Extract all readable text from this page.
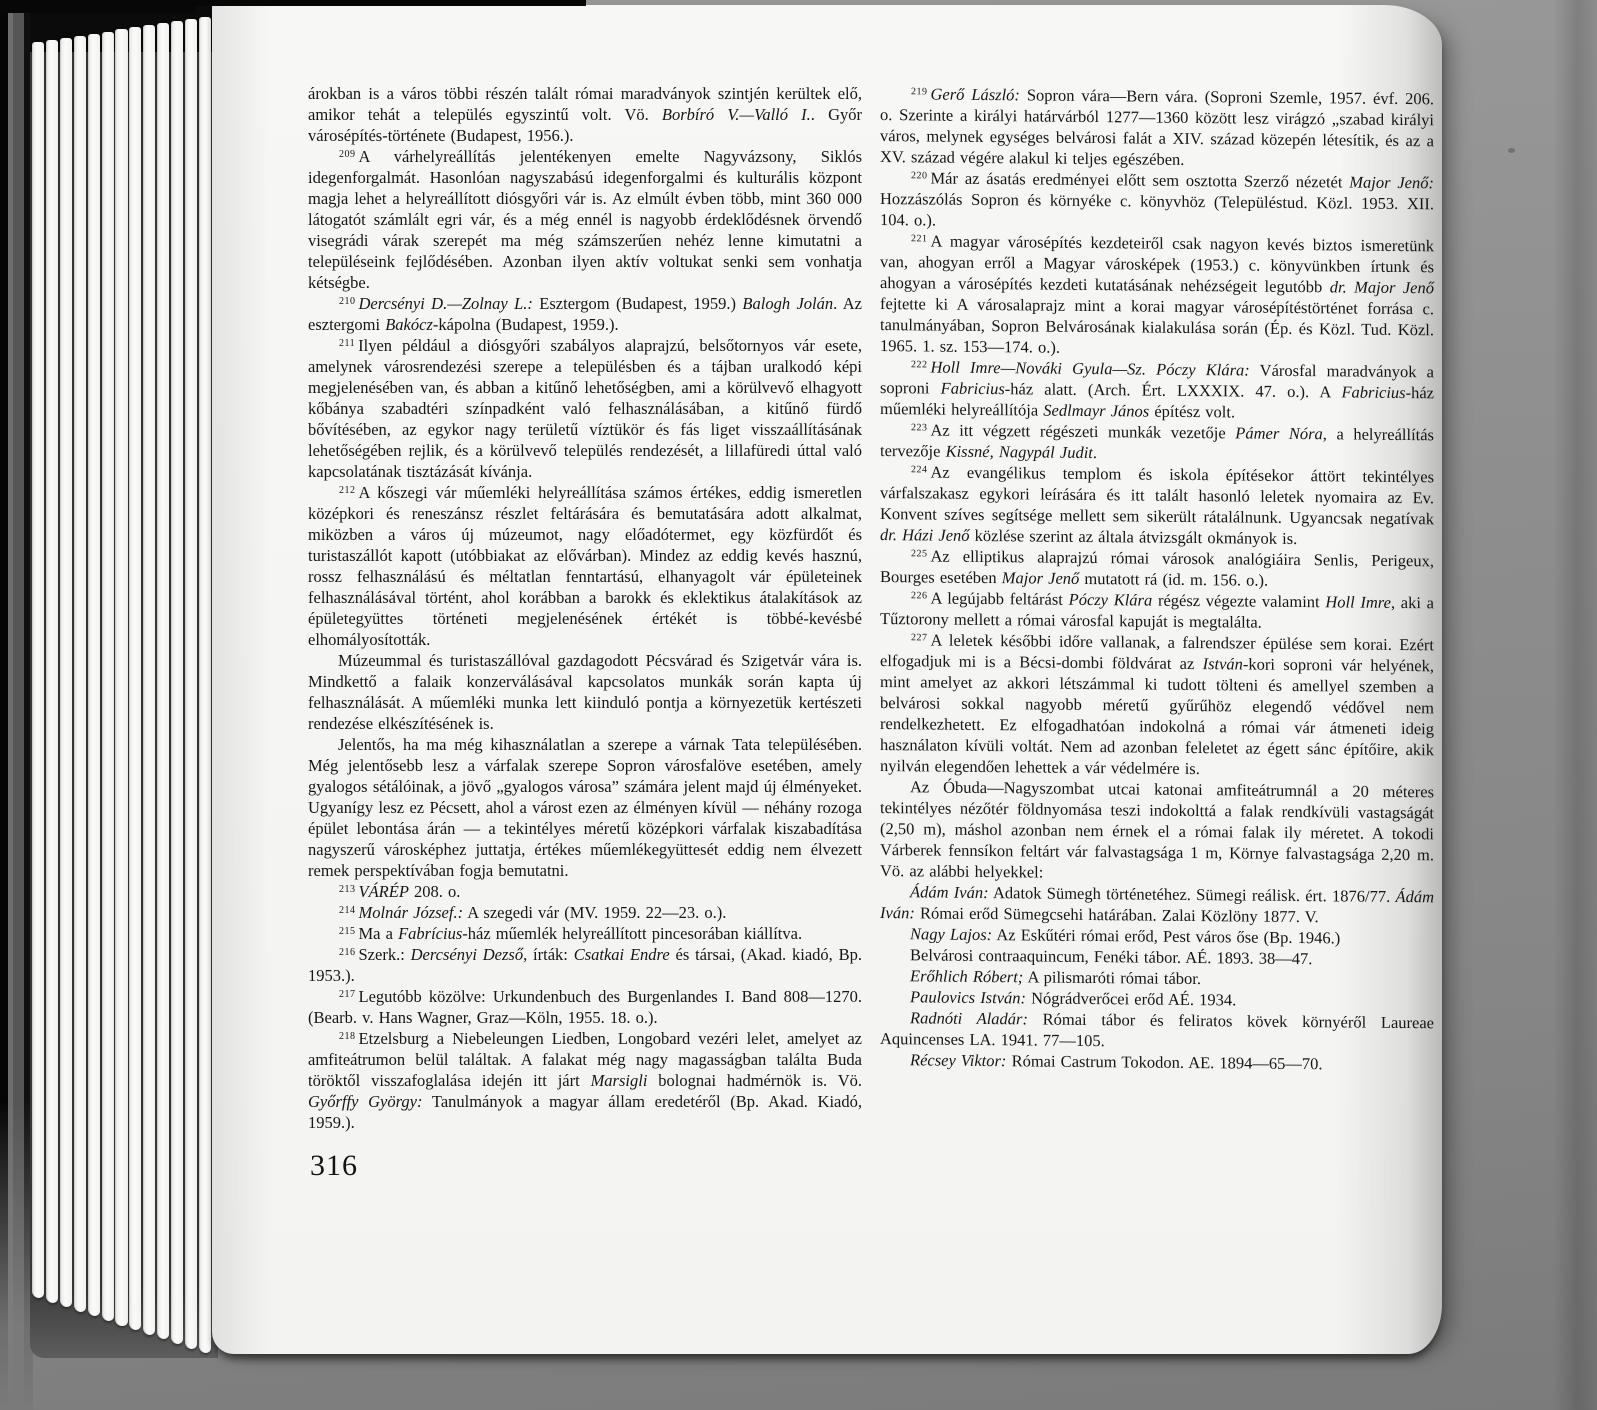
árokban is a város többi részén talált római maradványok szintjén kerültek elő, amikor tehát a település egyszintű volt. Vö. Borbíró V.—Valló I.. Győr városépítés-története (Budapest, 1956.).

$^{209}$ A várhelyreállítás jelentékenyen emelte Nagyvázsony, Siklós idegenforgalmát. Hasonlóan nagyszabású idegenforgalmi és kulturális központ magja lehet a helyreállított diósgyőri vár is. Az elmúlt évben több, mint 360 000 látogatót számlált egri vár, és a még ennél is nagyobb érdeklődésnek örvendő visegrádi várak szerepét ma még számszerűen nehéz lenne kimutatni a településeink fejlődésében. Azonban ilyen aktív voltukat senki sem vonhatja kétségbe.

$^{210}$ Dercsényi D.—Zolnay L.: Esztergom (Budapest, 1959.) Balogh Jolán. Az esztergomi Bakócz-kápolna (Budapest, 1959.).

$^{211}$ Ilyen például a diósgyőri szabályos alaprajzú, belsőtornyos vár esete, amelynek városrendezési szerepe a településben és a tájban uralkodó képi megjelenésében van, és abban a kitűnő lehetőségben, ami a körülvevő elhagyott kőbánya szabadtéri színpadként való felhasználásában, a kitűnő fürdő bővítésében, az egykor nagy területű víztükör és fás liget visszaállításának lehetőségében rejlik, és a körülvevő település rendezését, a lillafüredi úttal való kapcsolatának tisztázását kívánja.

$^{212}$ A kőszegi vár műemléki helyreállítása számos értékes, eddig ismeretlen középkori és reneszánsz részlet feltárására és bemutatására adott alkalmat, miközben a város új múzeumot, nagy előadótermet, egy közfürdőt és turistaszállót kapott (utóbbiakat az elővárban). Mindez az eddig kevés hasznú, rossz felhasználású és méltatlan fenntartású, elhanyagolt vár épületeinek felhasználásával történt, ahol korábban a barokk és eklektikus átalakítások az épületegyüttes történeti megjelenésének értékét is többé-kevésbé elhomályosították.

Múzeummal és turistaszállóval gazdagodott Pécsvárad és Szigetvár vára is. Mindkettő a falaik konzerválásával kapcsolatos munkák során kapta új felhasználását. A műemléki munka lett kiinduló pontja a környezetük kertészeti rendezése elkészítésének is.

Jelentős, ha ma még kihasználatlan a szerepe a várnak Tata településében. Még jelentősebb lesz a várfalak szerepe Sopron városfalöve esetében, amely gyalogos sétálóinak, a jövő „gyalogos városa” számára jelent majd új élményeket. Ugyanígy lesz ez Pécsett, ahol a várost ezen az élményen kívül — néhány rozoga épület lebontása árán — a tekintélyes méretű középkori várfalak kiszabadítása nagyszerű városképhez juttatja, értékes műemlékegyüttesét eddig nem élvezett remek perspektívában fogja bemutatni.

$^{213}$ VÁRÉP 208. o.

$^{214}$ Molnár József.: A szegedi vár (MV. 1959. 22—23. o.).

$^{215}$ Ma a Fabrícius-ház műemlék helyreállított pincesorában kiállítva.

$^{216}$ Szerk.: Dercsényi Dezső, írták: Csatkai Endre és társai, (Akad. kiadó, Bp. 1953.).

$^{217}$ Legutóbb közölve: Urkundenbuch des Burgenlandes I. Band 808—1270. (Bearb. v. Hans Wagner, Graz—Köln, 1955. 18. o.).

$^{218}$ Etzelsburg a Niebeleungen Liedben, Longobard vezéri lelet, amelyet az amfiteátrumon belül találtak. A falakat még nagy magasságban találta Buda töröktől visszafoglalása idején itt járt Marsigli bolognai hadmérnök is. Vö. Győrffy György: Tanulmányok a magyar állam eredetéről (Bp. Akad. Kiadó, 1959.).

316

$^{219}$ Gerő László: Sopron vára—Bern vára. (Soproni Szemle, 1957. évf. 206. o. Szerinte a királyi határvárból 1277—1360 között lesz virágzó „szabad királyi város, melynek egységes belvárosi falát a XIV. század közepén létesítik, és az a XV. század végére alakul ki teljes egészében.

$^{220}$ Már az ásatás eredményei előtt sem osztotta Szerző nézetét Major Jenő: Hozzászólás Sopron és környéke c. könyvhöz (Településtud. Közl. 1953. XII. 104. o.).

$^{221}$ A magyar városépítés kezdeteiről csak nagyon kevés biztos ismeretünk van, ahogyan erről a Magyar városképek (1953.) c. könyvünkben írtunk és ahogyan a városépítés kezdeti kutatásának nehézségeit legutóbb dr. Major Jenő fejtette ki A városalaprajz mint a korai magyar városépítéstörténet forrása c. tanulmányában, Sopron Belvárosának kialakulása során (Ép. és Közl. Tud. Közl. 1965. 1. sz. 153—174. o.).

$^{222}$ Holl Imre—Nováki Gyula—Sz. Póczy Klára: Városfal maradványok a soproni Fabricius-ház alatt. (Arch. Ért. LXXXIX. 47. o.). A Fabricius-ház műemléki helyreállítója Sedlmayr János építész volt.

$^{223}$ Az itt végzett régészeti munkák vezetője Pámer Nóra, a helyreállítás tervezője Kissné, Nagypál Judit.

$^{224}$ Az evangélikus templom és iskola építésekor áttört tekintélyes várfalszakasz egykori leírására és itt talált hasonló leletek nyomaira az Ev. Konvent szíves segítsége mellett sem sikerült rátalálnunk. Ugyancsak negatívak dr. Házi Jenő közlése szerint az általa átvizsgált okmányok is.

$^{225}$ Az elliptikus alaprajzú római városok analógiáira Senlis, Perigeux, Bourges esetében Major Jenő mutatott rá (id. m. 156. o.).

$^{226}$ A legújabb feltárást Póczy Klára régész végezte valamint Holl Imre, aki a Tűztorony mellett a római városfal kapuját is megtalálta.

$^{227}$ A leletek későbbi időre vallanak, a falrendszer épülése sem korai. Ezért elfogadjuk mi is a Bécsi-dombi földvárat az István-kori soproni vár helyének, mint amelyet az akkori létszámmal ki tudott tölteni és amellyel szemben a belvárosi sokkal nagyobb méretű gyűrűhöz elegendő védővel nem rendelkezhetett. Ez elfogadhatóan indokolná a római vár átmeneti ideig használaton kívüli voltát. Nem ad azonban feleletet az égett sánc építőire, akik nyilván elegendően lehettek a vár védelmére is.

Az Óbuda—Nagyszombat utcai katonai amfiteátrumnál a 20 méteres tekintélyes nézőtér földnyomása teszi indokolttá a falak rendkívüli vastagságát (2,50 m), máshol azonban nem érnek el a római falak ily méretet. A tokodi Várberek fennsíkon feltárt vár falvastagsága 1 m, Környe falvastagsága 2,20 m. Vö. az alábbi helyekkel:

Ádám Iván: Adatok Sümegh történetéhez. Sümegi reálisk. ért. 1876/77. Ádám Iván: Római erőd Sümegcsehi határában. Zalai Közlöny 1877. V.

Nagy Lajos: Az Eskűtéri római erőd, Pest város őse (Bp. 1946.)

Belvárosi contraaquincum, Fenéki tábor. AÉ. 1893. 38—47.

Erőhlich Róbert; A pilismaróti római tábor.

Paulovics István: Nógrádverőcei erőd AÉ. 1934.

Radnóti Aladár: Római tábor és feliratos kövek környéről Laureae Aquincenses LA. 1941. 77—105.

Récsey Viktor: Római Castrum Tokodon. AE. 1894—65—70.
